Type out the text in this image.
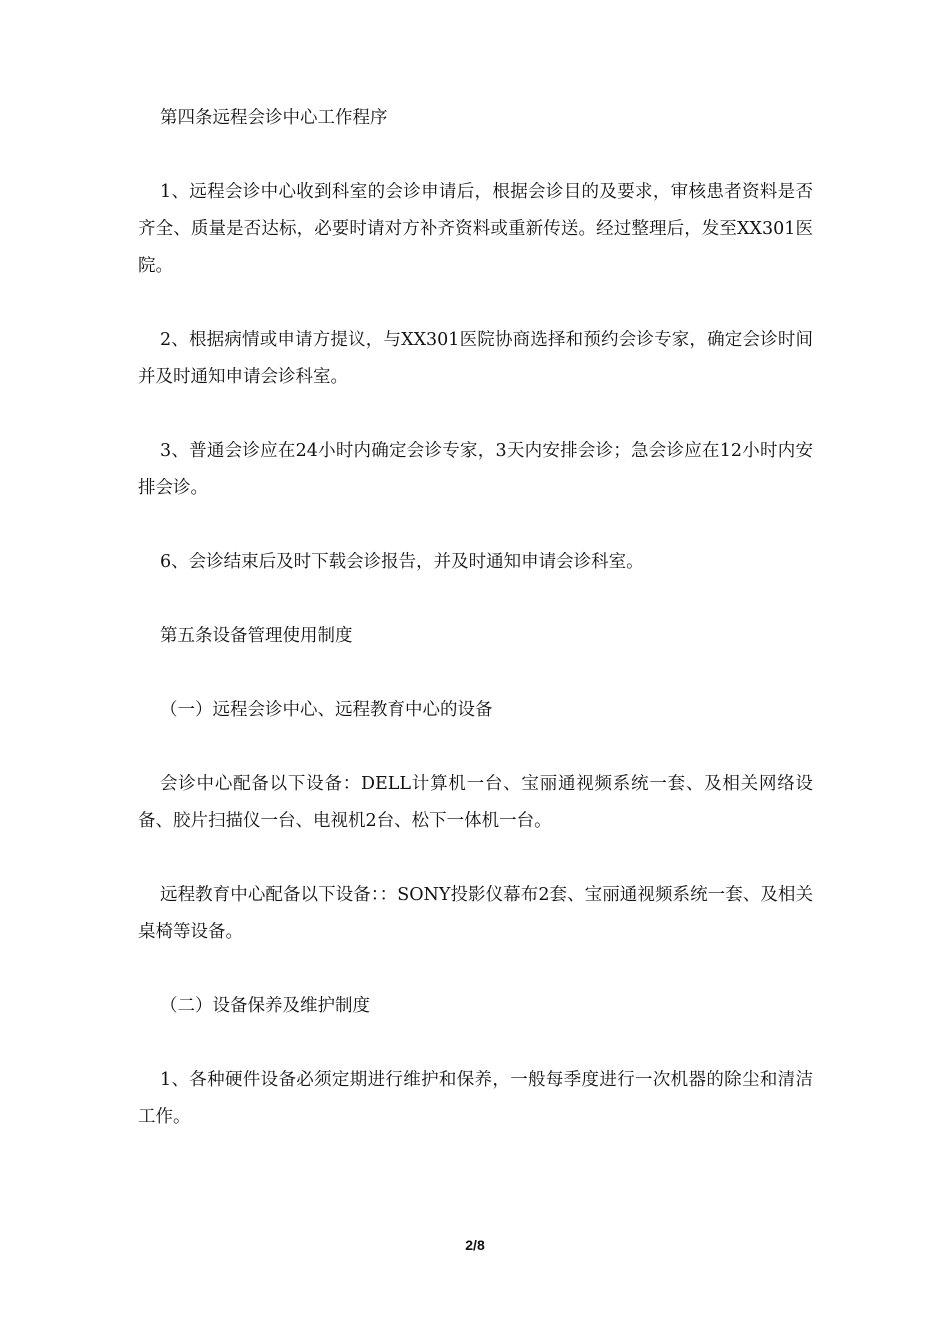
第四条远程会诊中心工作程序

1、远程会诊中心收到科室的会诊申请后，根据会诊目的及要求，审核患者资料是否齐全、质量是否达标，必要时请对方补齐资料或重新传送。经过整理后，发至XX301医院。

2、根据病情或申请方提议，与XX301医院协商选择和预约会诊专家，确定会诊时间并及时通知申请会诊科室。

3、普通会诊应在24小时内确定会诊专家，3天内安排会诊；急会诊应在12小时内安排会诊。

6、会诊结束后及时下载会诊报告，并及时通知申请会诊科室。

第五条设备管理使用制度

（一）远程会诊中心、远程教育中心的设备

会诊中心配备以下设备：DELL计算机一台、宝丽通视频系统一套、及相关网络设备、胶片扫描仪一台、电视机2台、松下一体机一台。

远程教育中心配备以下设备：：SONY投影仪幕布2套、宝丽通视频系统一套、及相关桌椅等设备。

（二）设备保养及维护制度

1、各种硬件设备必须定期进行维护和保养，一般每季度进行一次机器的除尘和清洁工作。

2/8
